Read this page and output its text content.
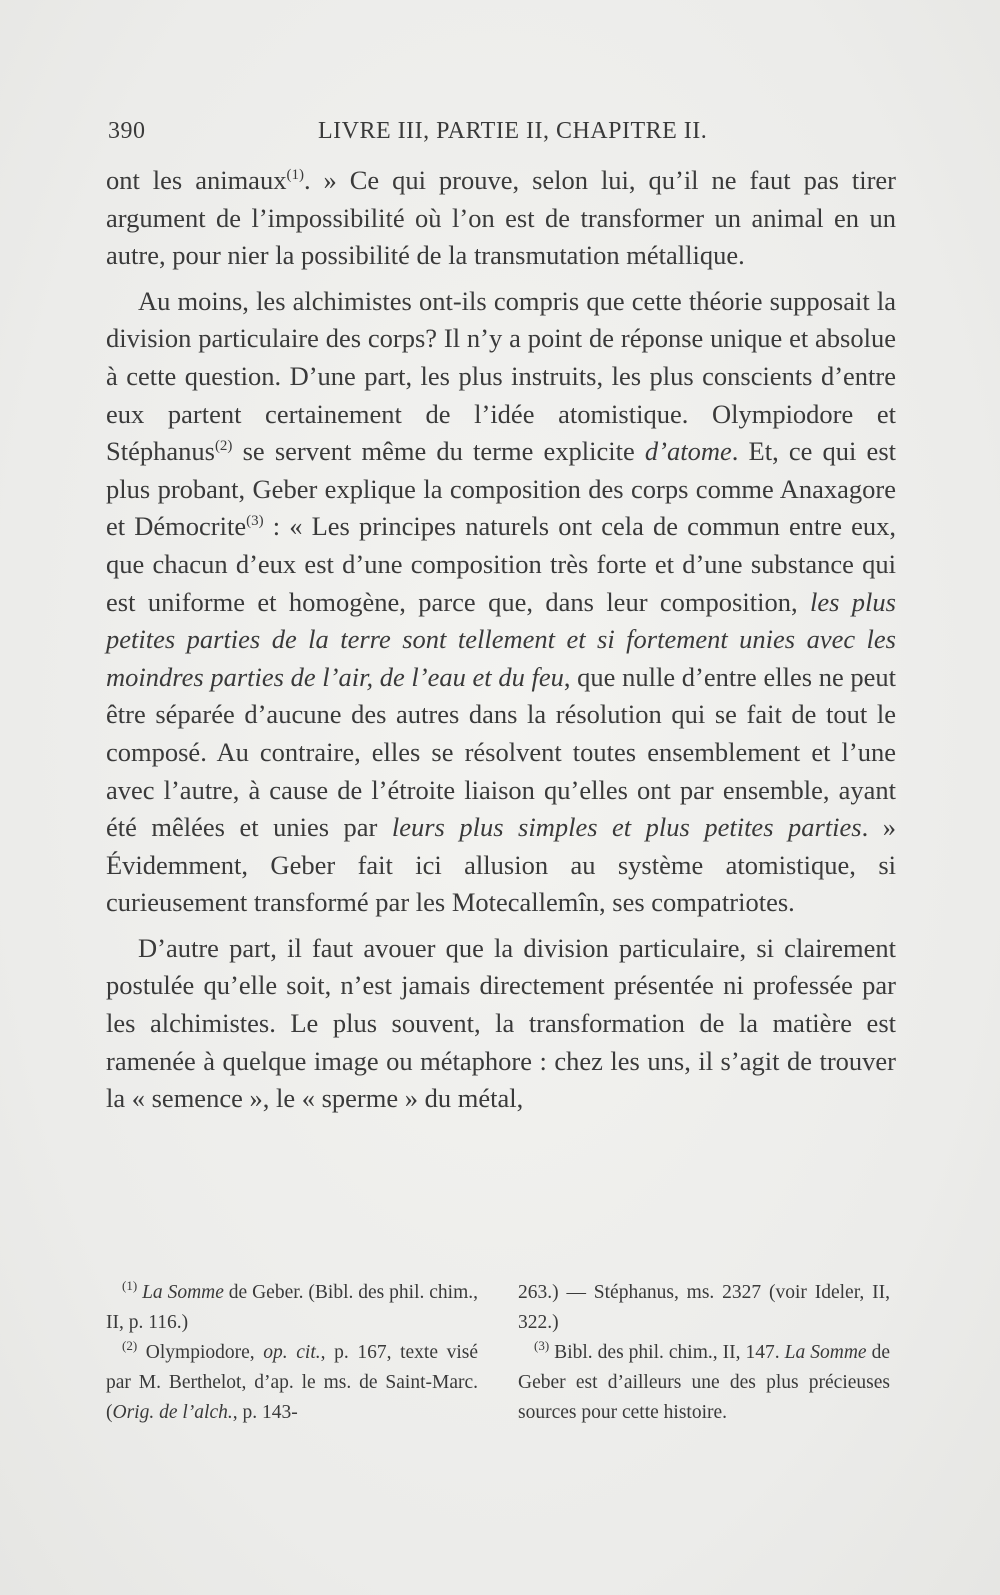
390	LIVRE III, PARTIE II, CHAPITRE II.

ont les animaux$^{(1)}$. » Ce qui prouve, selon lui, qu’il ne faut pas tirer argument de l’impossibilité où l’on est de transformer un animal en un autre, pour nier la possibilité de la transmutation métallique.

Au moins, les alchimistes ont-ils compris que cette théorie supposait la division particulaire des corps? Il n’y a point de réponse unique et absolue à cette question. D’une part, les plus instruits, les plus conscients d’entre eux partent certainement de l’idée atomistique. Olympiodore et Stéphanus$^{(2)}$ se servent même du terme explicite d’atome. Et, ce qui est plus probant, Geber explique la composition des corps comme Anaxagore et Démocrite$^{(3)}$ : « Les principes naturels ont cela de commun entre eux, que chacun d’eux est d’une composition très forte et d’une substance qui est uniforme et homogène, parce que, dans leur composition, les plus petites parties de la terre sont tellement et si fortement unies avec les moindres parties de l’air, de l’eau et du feu, que nulle d’entre elles ne peut être séparée d’aucune des autres dans la résolution qui se fait de tout le composé. Au contraire, elles se résolvent toutes ensemblement et l’une avec l’autre, à cause de l’étroite liaison qu’elles ont par ensemble, ayant été mêlées et unies par leurs plus simples et plus petites parties. » Évidemment, Geber fait ici allusion au système atomistique, si curieusement transformé par les Motecallemîn, ses compatriotes.

D’autre part, il faut avouer que la division particulaire, si clairement postulée qu’elle soit, n’est jamais directement présentée ni professée par les alchimistes. Le plus souvent, la transformation de la matière est ramenée à quelque image ou métaphore : chez les uns, il s’agit de trouver la « semence », le « sperme » du métal,

$^{(1)}$ La Somme de Geber. (Bibl. des phil. chim., II, p. 116.)

$^{(2)}$ Olympiodore, op. cit., p. 167, texte visé par M. Berthelot, d’ap. le ms. de Saint-Marc. (Orig. de l’alch., p. 143-

263.) — Stéphanus, ms. 2327 (voir Ideler, II, 322.)

$^{(3)}$ Bibl. des phil. chim., II, 147. La Somme de Geber est d’ailleurs une des plus précieuses sources pour cette histoire.
